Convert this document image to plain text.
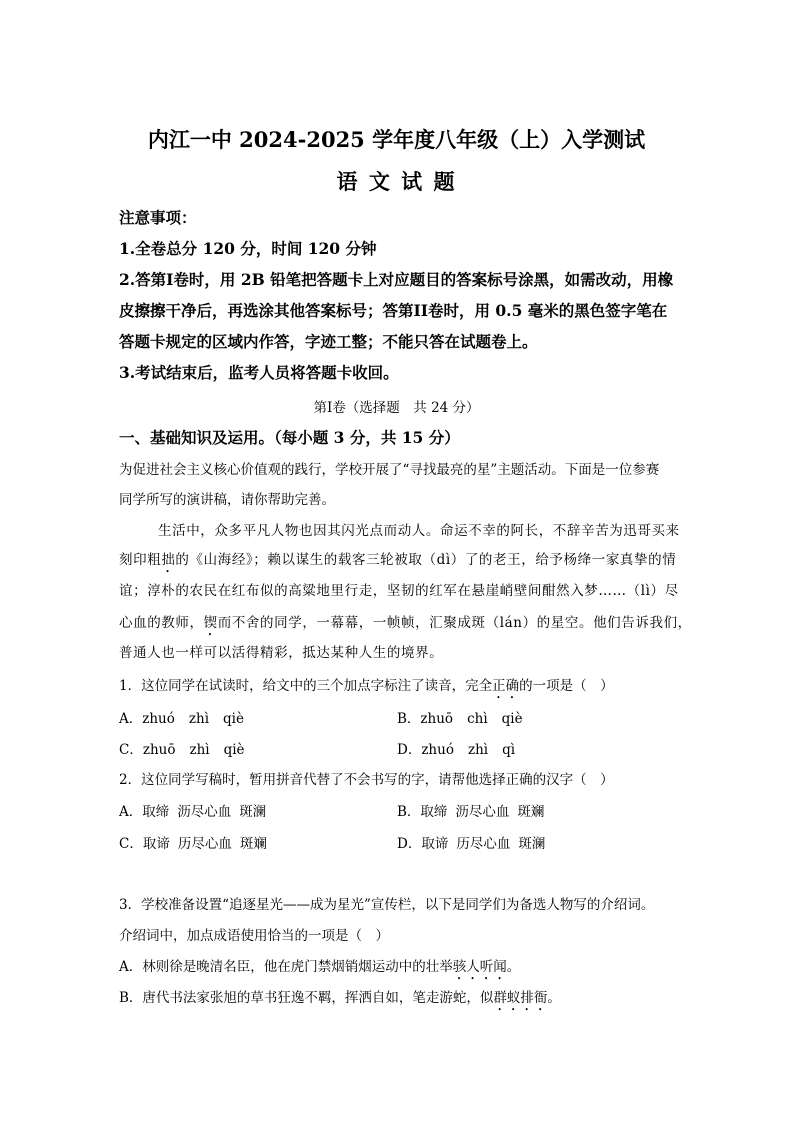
内江一中 2024-2025 学年度八年级（上）入学测试
语 文 试 题
注意事项：
1.全卷总分 120 分，时间 120 分钟
2.答第I卷时，用 2B 铅笔把答题卡上对应题目的答案标号涂黑，如需改动，用橡
皮擦擦干净后，再选涂其他答案标号；答第II卷时，用 0.5 毫米的黑色签字笔在
答题卡规定的区域内作答，字迹工整；不能只答在试题卷上。
3.考试结束后，监考人员将答题卡收回。
第I卷（选择题　共 24 分）
一、基础知识及运用。（每小题 3 分，共 15 分）
为促进社会主义核心价值观的践行，学校开展了“寻找最亮的星”主题活动。下面是一位参赛
同学所写的演讲稿，请你帮助完善。
生活中，众多平凡人物也因其闪光点而动人。命运不幸的阿长，不辞辛苦为迅哥买来
刻印粗拙的《山海经》；赖以谋生的载客三轮被取（dì）了的老王，给予杨绛一家真挚的情
谊；淳朴的农民在红布似的高粱地里行走，坚韧的红军在悬崖峭壁间酣然入梦……（lì）尽
心血的教师，锲而不舍的同学，一幕幕，一帧帧，汇聚成斑（lán）的星空。他们告诉我们，
普通人也一样可以活得精彩，抵达某种人生的境界。
1．这位同学在试读时，给文中的三个加点字标注了读音，完全正确的一项是（　）
A．zhuó zhì qiè	B．zhuō chì qiè
C．zhuō zhì qiè	D．zhuó zhì qì
2．这位同学写稿时，暂用拼音代替了不会书写的字，请帮他选择正确的汉字（　）
A．取缔 沥尽心血 斑澜	B．取缔 沥尽心血 斑斓
C．取谛 历尽心血 斑斓	D．取谛 历尽心血 斑澜
3．学校准备设置“追逐星光——成为星光”宣传栏，以下是同学们为备选人物写的介绍词。
介绍词中，加点成语使用恰当的一项是（　）
A．林则徐是晚清名臣，他在虎门禁烟销烟运动中的壮举骇人听闻。
B．唐代书法家张旭的草书狂逸不羁，挥洒自如，笔走游蛇，似群蚁排衙。
